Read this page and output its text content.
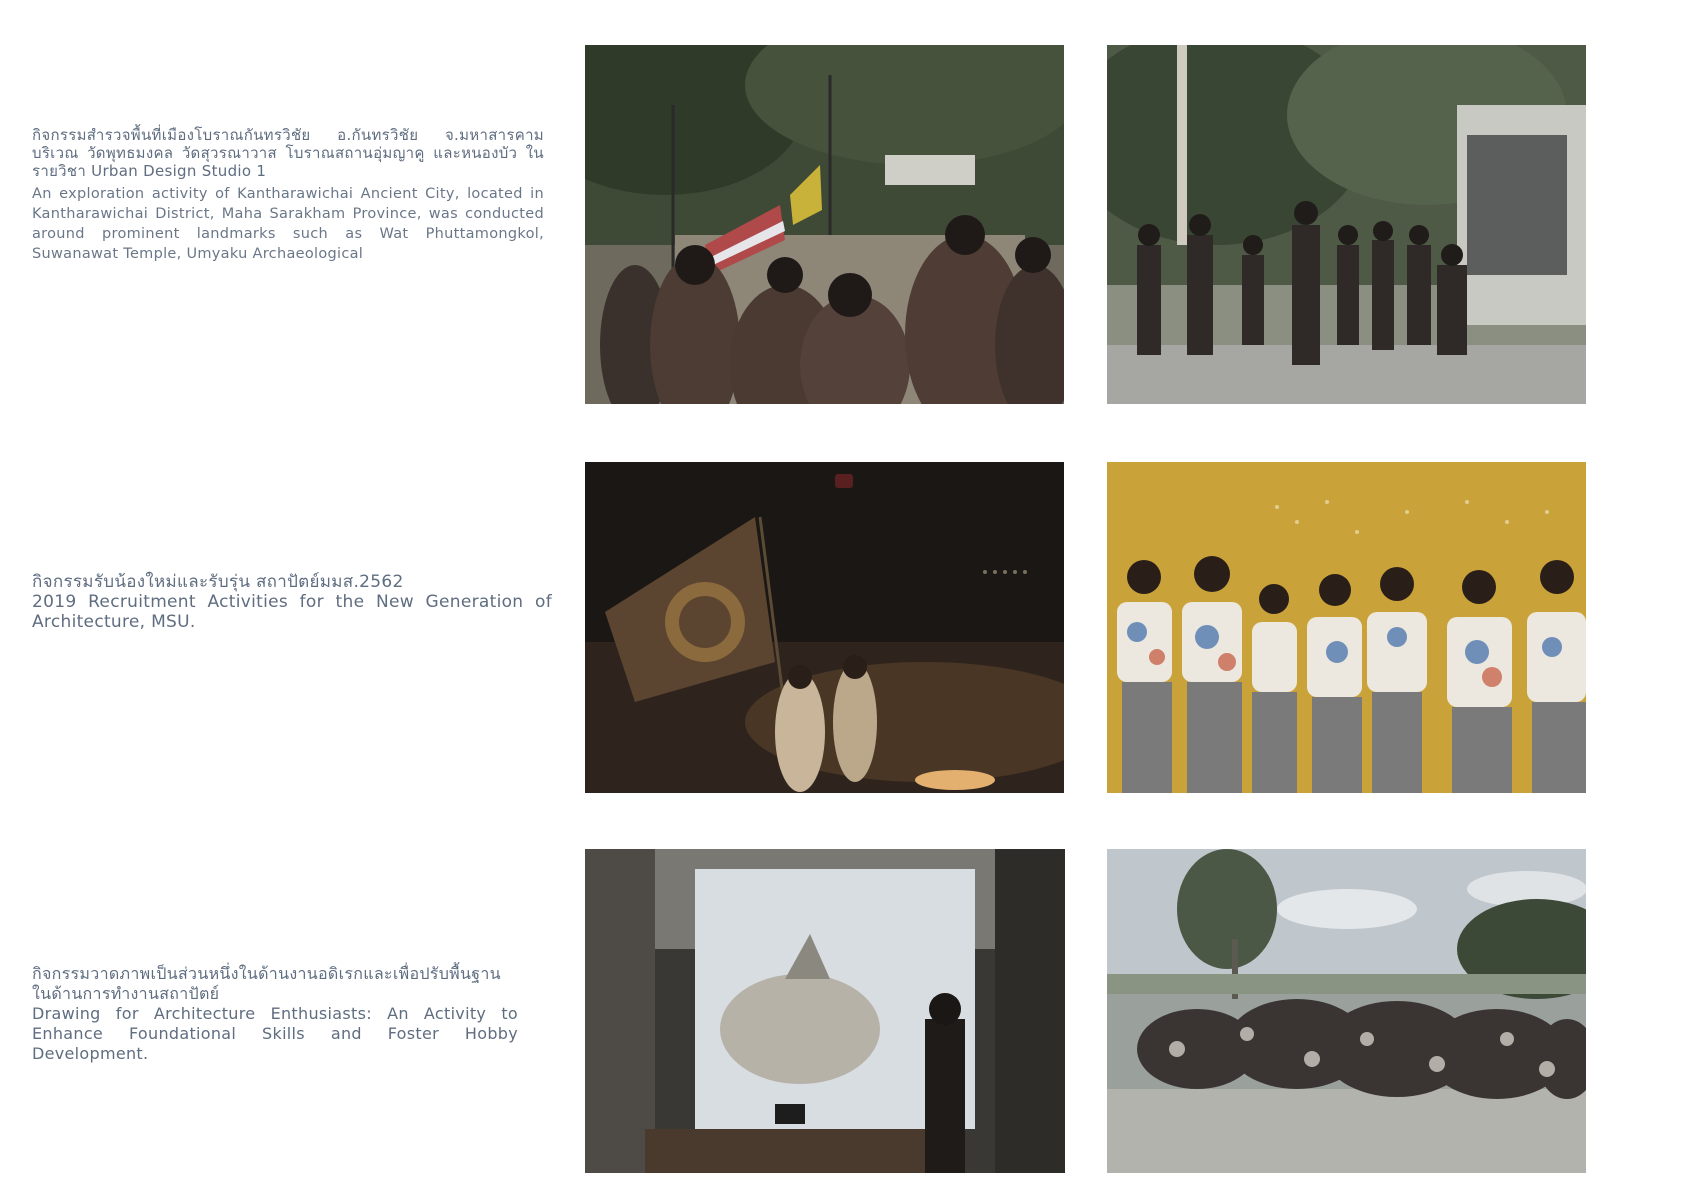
กิจกรรมสำรวจพื้นที่เมืองโบราณกันทรวิชัย อ.กันทรวิชัย จ.มหาสารคาม บริเวณ วัดพุทธมงคล วัดสุวรณาวาส โบราณสถานอุ่มญาคู และหนองบัว ในรายวิชา Urban Design Studio 1

An exploration activity of Kantharawichai Ancient City, located in Kantharawichai District, Maha Sarakham Province, was conducted around prominent landmarks such as Wat Phuttamongkol, Suwanawat Temple, Umyaku Archaeological

กิจกรรมรับน้องใหม่และรับรุ่น สถาปัตย์มมส.2562

2019 Recruitment Activities for the New Generation of Architecture, MSU.

กิจกรรมวาดภาพเป็นส่วนหนึ่งในด้านงานอดิเรกและเพื่อปรับพื้นฐานในด้านการทำงานสถาปัตย์

Drawing for Architecture Enthusiasts: An Activity to Enhance Foundational Skills and Foster Hobby Development.
